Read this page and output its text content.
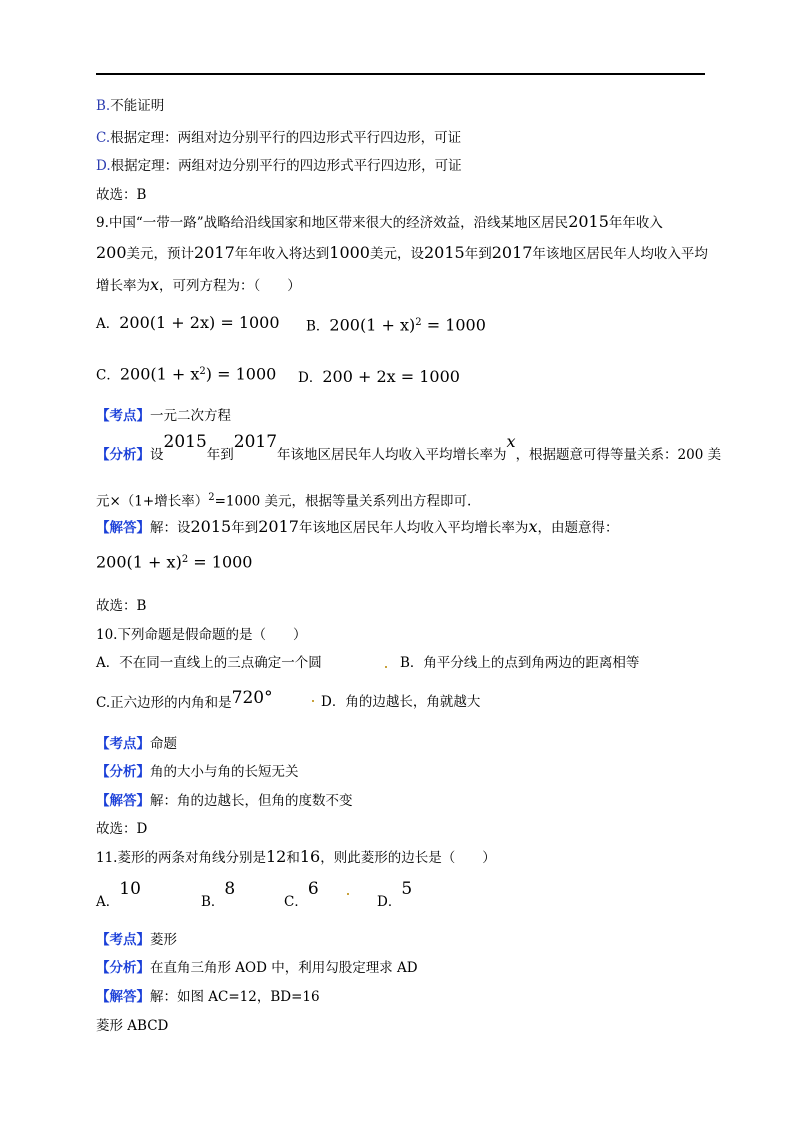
B.不能证明
C.根据定理：两组对边分别平行的四边形式平行四边形，可证
D.根据定理：两组对边分别平行的四边形式平行四边形，可证
故选：B
9.中国“一带一路”战略给沿线国家和地区带来很大的经济效益，沿线某地区居民2015年年收入
200美元，预计2017年年收入将达到1000美元，设2015年到2017年该地区居民年人均收入平均
增长率为x，可列方程为：（　　）
A．200(1 + 2x) = 1000 B．$200(1 + x)^2 = 1000$
C．$200(1 + x^2) = 1000$ D．200 + 2x = 1000
【考点】一元二次方程
【分析】设2015年到2017年该地区居民年人均收入平均增长率为x，根据题意可得等量关系：200 美
元×（1+增长率）$^2$=1000 美元，根据等量关系列出方程即可.
【解答】解：设2015年到2017年该地区居民年人均收入平均增长率为x，由题意得：
$200(1 + x)^2 = 1000$
故选：B
10.下列命题是假命题的是（　　）
A．不在同一直线上的三点确定一个圆	B．角平分线上的点到角两边的距离相等
C.正六边形的内角和是720°	D．角的边越长，角就越大
【考点】命题
【分析】角的大小与角的长短无关
【解答】解：角的边越长，但角的度数不变
故选：D
11.菱形的两条对角线分别是12和16，则此菱形的边长是（　　）
A．10
B．8
C．6
D．5
【考点】菱形
【分析】在直角三角形 AOD 中，利用勾股定理求 AD
【解答】解：如图 AC=12，BD=16
菱形 ABCD
